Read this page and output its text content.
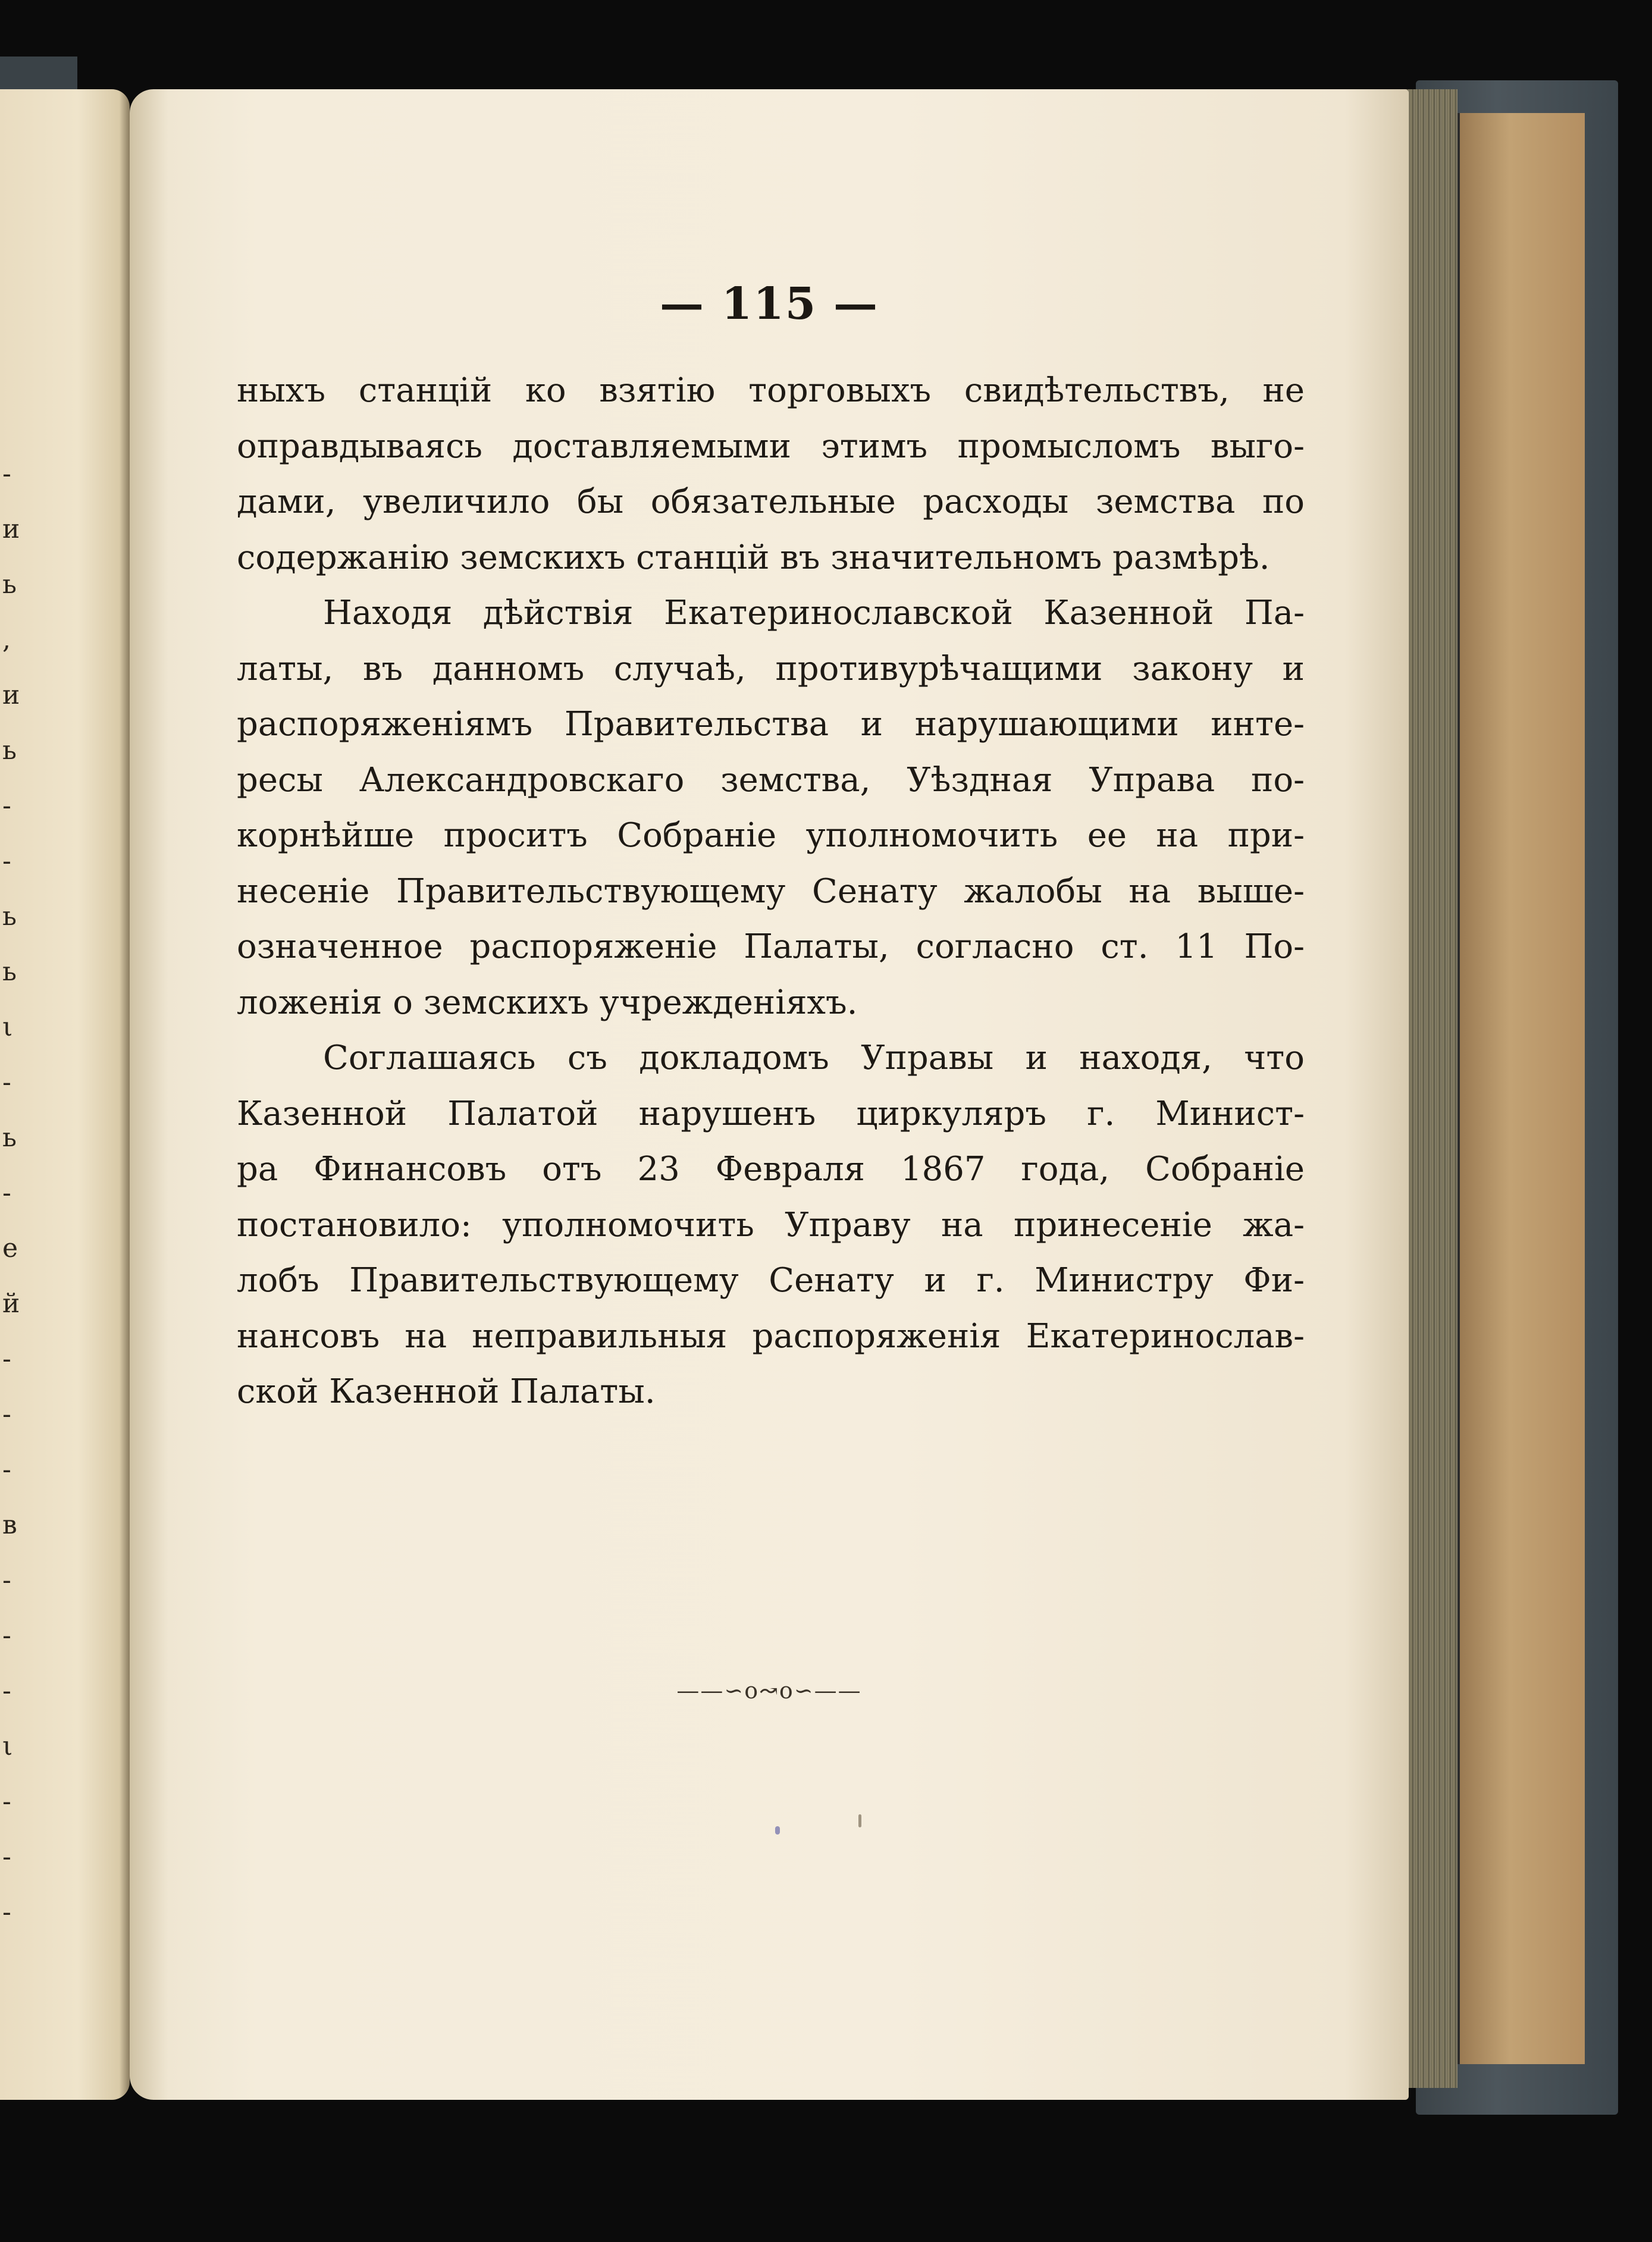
-
и
ь
,
и
ь
-
-
ь
ь
ι
-
ь
-
е
й
-
-
-
в
-
-
-
ι
-
-
-
— 115 —
ныхъ станцій ко взятію торговыхъ свидѣтельствъ, не
оправдываясь доставляемыми этимъ промысломъ выго-
дами, увеличило бы обязательные расходы земства по
содержанію земскихъ станцій въ значительномъ размѣрѣ.
Находя дѣйствія Екатеринославской Казенной Па-
латы, въ данномъ случаѣ, противурѣчащими закону и
распоряженіямъ Правительства и нарушающими инте-
ресы Александровскаго земства, Уѣздная Управа по-
корнѣйше проситъ Собраніе уполномочить ее на при-
несеніе Правительствующему Сенату жалобы на выше-
означенное распоряженіе Палаты, согласно ст. 11 По-
ложенія о земскихъ учрежденіяхъ.
Соглашаясь съ докладомъ Управы и находя, что
Казенной Палатой нарушенъ циркуляръ г. Минист-
ра Финансовъ отъ 23 Февраля 1867 года, Собраніе
постановило: уполномочить Управу на принесеніе жа-
лобъ Правительствующему Сенату и г. Министру Фи-
нансовъ на неправильныя распоряженія Екатеринослав-
ской Казенной Палаты.
——∽o↝o∽——
